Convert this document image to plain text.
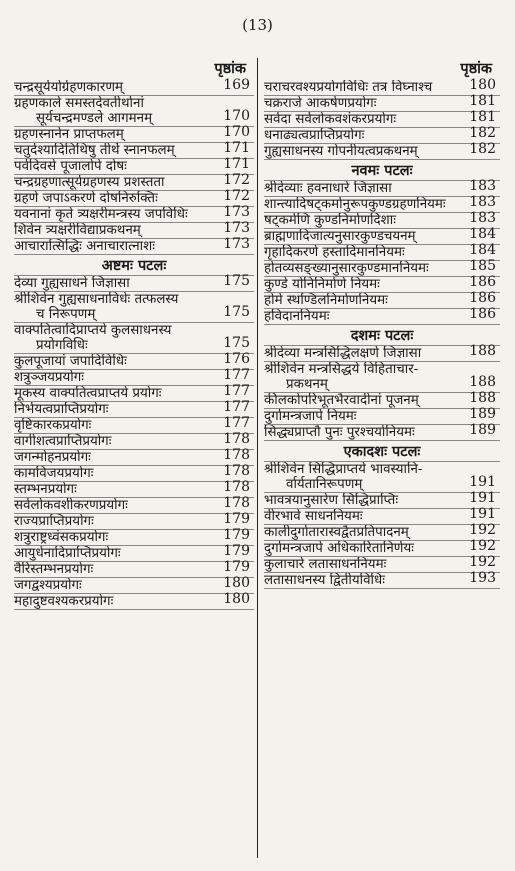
(13)
पृष्ठांक
चन्द्रसूर्ययोर्ग्रहणकारणम्	169
ग्रहणकाले समस्तदेवतीर्थानां
सूर्यचन्द्रमण्डले आगमनम्	170
ग्रहणस्नानेन प्राप्तफलम्	170
चतुर्दश्यादितिथिषु तीर्थे स्नानफलम्	171
पर्वदिवसे पूजालोपे दोषः	171
चन्द्रग्रहणात्सूर्यग्रहणस्य प्रशस्तता	172
ग्रहणे जपाऽकरणे दोषनिरुक्तिः	172
यवनानां कृते त्र्यक्षरीमन्त्रस्य जपविधिः	173
शिवेन त्र्यक्षरीविद्याप्रकथनम्	173
आचारात्सिद्धिः अनाचारात्नाशः	173
अष्टमः पटलः
देव्या गुह्यसाधने जिज्ञासा	175
श्रीशिवेन गुह्यसाधनाविधेः तत्फलस्य
च निरूपणम्	175
वाक्पतित्वादिप्राप्तये कुलसाधनस्य
प्रयोगविधिः	175
कुलपूजायां जपादिविधिः	176
शत्रुञ्जयप्रयोगः	177
मूकस्य वाक्पतित्वप्राप्तये प्रयोगः	177
निर्भयत्वप्राप्तिप्रयोगः	177
वृष्टिकारकप्रयोगः	177
वागीशत्वप्राप्तिप्रयोगः	178
जगन्मोहनप्रयोगः	178
कामविजयप्रयोगः	178
स्तम्भनप्रयोगः	178
सर्वलोकवशीकरणप्रयोगः	178
राज्यप्राप्तिप्रयोगः	179
शत्रुराष्ट्रध्वंसकप्रयोगः	179
आयुर्धनादिप्राप्तिप्रयोगः	179
वैरिस्तम्भनप्रयोगः	179
जगद्वश्यप्रयोगः	180
महादुष्टवश्यकरप्रयोगः	180
पृष्ठांक
चराचरवश्यप्रयोगविधिः तत्र विघ्नाश्च	180
चक्रराजे आकर्षणप्रयोगः	181
सर्वदा सर्वलोकवशंकरप्रयोगः	181
धनाढ्यत्वप्राप्तिप्रयोगः	182
गुह्यसाधनस्य गोपनीयत्वप्रकथनम्	182
नवमः पटलः
श्रीदेव्याः हवनाधारे जिज्ञासा	183
शान्त्यादिषट्कर्मानुरूपकुण्डग्रहणनियमः	183
षट्कर्मणि कुण्डनिर्माणदिशाः	183
ब्राह्मणादिजात्यनुसारकुण्डचयनम्	184
गृहादिकरणे हस्तादिमाननियमः	184
होतव्यसङ्ख्यानुसारकुण्डमाननियमः	185
कुण्डे योनिनिर्माणे नियमः	186
होमे स्थण्डिलनिर्माणनियमः	186
हविदाननियमः	186
दशमः पटलः
श्रीदेव्या मन्त्रसिद्धिलक्षणे जिज्ञासा	188
श्रीशिवेन मन्त्रसिद्धये विहिताचार-
प्रकथनम्	188
कीलकोपरिभूतभैरवादीनां पूजनम्	188
दुर्गामन्त्रजापे नियमः	189
सिद्ध्यप्राप्तौ पुनः पुरश्चर्यानियमः	189
एकादशः पटलः
श्रीशिवेन सिद्धिप्राप्तये भावस्यानि-
र्वार्यतानिरूपणम्	191
भावत्रयानुसारेण सिद्धिप्राप्तिः	191
वीरभावे साधननियमः	191
कालीदुर्गातारास्वद्वैतप्रतिपादनम्	192
दुर्गामन्त्रजापे अधिकारितानिर्णयः	192
कुलाचारे लतासाधननियमः	192
लतासाधनस्य द्वितीयविधिः	193
